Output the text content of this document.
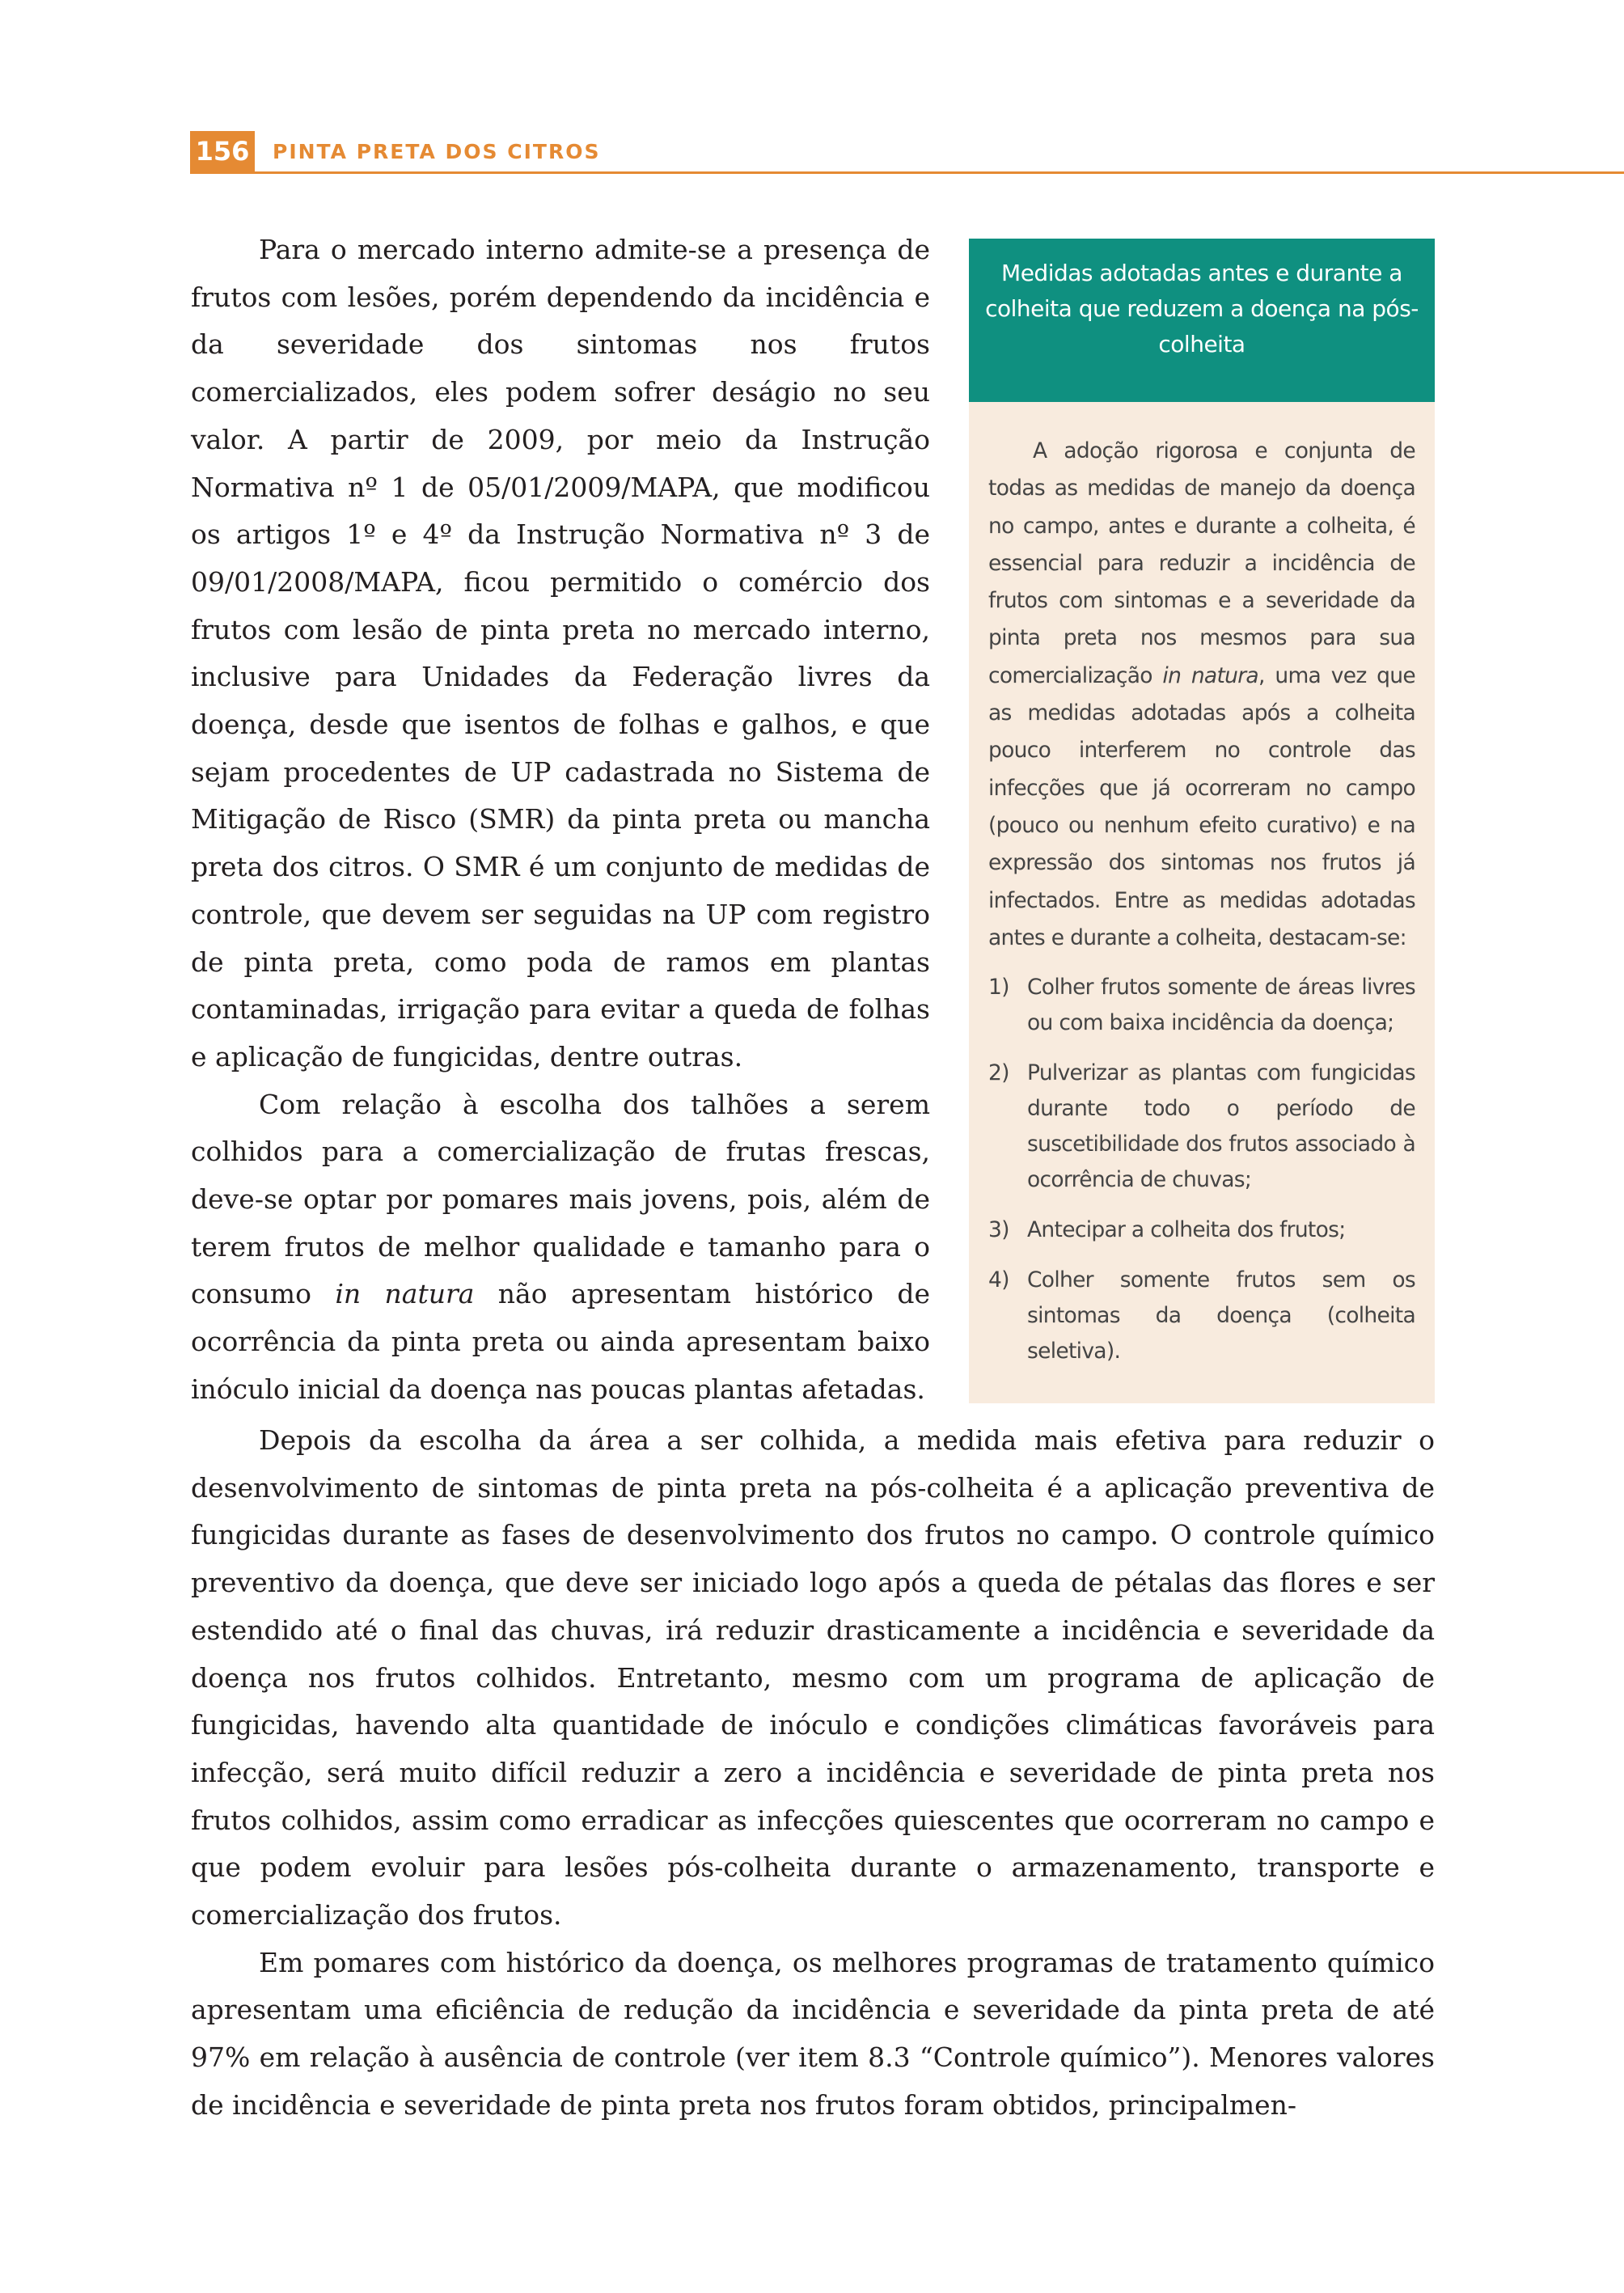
156 PINTA PRETA DOS CITROS

Para o mercado interno admite-se a presença de frutos com lesões, porém dependendo da incidência e da severidade dos sintomas nos frutos comercializados, eles podem sofrer deságio no seu valor. A partir de 2009, por meio da Instrução Normativa nº 1 de 05/01/2009/MAPA, que modificou os artigos 1º e 4º da Instrução Normativa nº 3 de 09/01/2008/MAPA, ficou permitido o comércio dos frutos com lesão de pinta preta no mercado interno, inclusive para Unidades da Federação livres da doença, desde que isentos de folhas e galhos, e que sejam procedentes de UP cadastrada no Sistema de Mitigação de Risco (SMR) da pinta preta ou mancha preta dos citros. O SMR é um conjunto de medidas de controle, que devem ser seguidas na UP com registro de pinta preta, como poda de ramos em plantas contaminadas, irrigação para evitar a queda de folhas e aplicação de fungicidas, dentre outras.

Com relação à escolha dos talhões a serem colhidos para a comercialização de frutas frescas, deve-se optar por pomares mais jovens, pois, além de terem frutos de melhor qualidade e tamanho para o consumo in natura não apresentam histórico de ocorrência da pinta preta ou ainda apresentam baixo inóculo inicial da doença nas poucas plantas afetadas.

Medidas adotadas antes e durante a colheita que reduzem a doença na pós-colheita

A adoção rigorosa e conjunta de todas as medidas de manejo da doença no campo, antes e durante a colheita, é essencial para reduzir a incidência de frutos com sintomas e a severidade da pinta preta nos mesmos para sua comercialização in natura, uma vez que as medidas adotadas após a colheita pouco interferem no controle das infecções que já ocorreram no campo (pouco ou nenhum efeito curativo) e na expressão dos sintomas nos frutos já infectados. Entre as medidas adotadas antes e durante a colheita, destacam-se:

1) Colher frutos somente de áreas livres ou com baixa incidência da doença;
2) Pulverizar as plantas com fungicidas durante todo o período de suscetibilidade dos frutos associado à ocorrência de chuvas;
3) Antecipar a colheita dos frutos;
4) Colher somente frutos sem os sintomas da doença (colheita seletiva).

Depois da escolha da área a ser colhida, a medida mais efetiva para reduzir o desenvolvimento de sintomas de pinta preta na pós-colheita é a aplicação preventiva de fungicidas durante as fases de desenvolvimento dos frutos no campo. O controle químico preventivo da doença, que deve ser iniciado logo após a queda de pétalas das flores e ser estendido até o final das chuvas, irá reduzir drasticamente a incidência e severidade da doença nos frutos colhidos. Entretanto, mesmo com um programa de aplicação de fungicidas, havendo alta quantidade de inóculo e condições climáticas favoráveis para infecção, será muito difícil reduzir a zero a incidência e severidade de pinta preta nos frutos colhidos, assim como erradicar as infecções quiescentes que ocorreram no campo e que podem evoluir para lesões pós-colheita durante o armazenamento, transporte e comercialização dos frutos.

Em pomares com histórico da doença, os melhores programas de tratamento químico apresentam uma eficiência de redução da incidência e severidade da pinta preta de até 97% em relação à ausência de controle (ver item 8.3 “Controle químico”). Menores valores de incidência e severidade de pinta preta nos frutos foram obtidos, principalmen-
